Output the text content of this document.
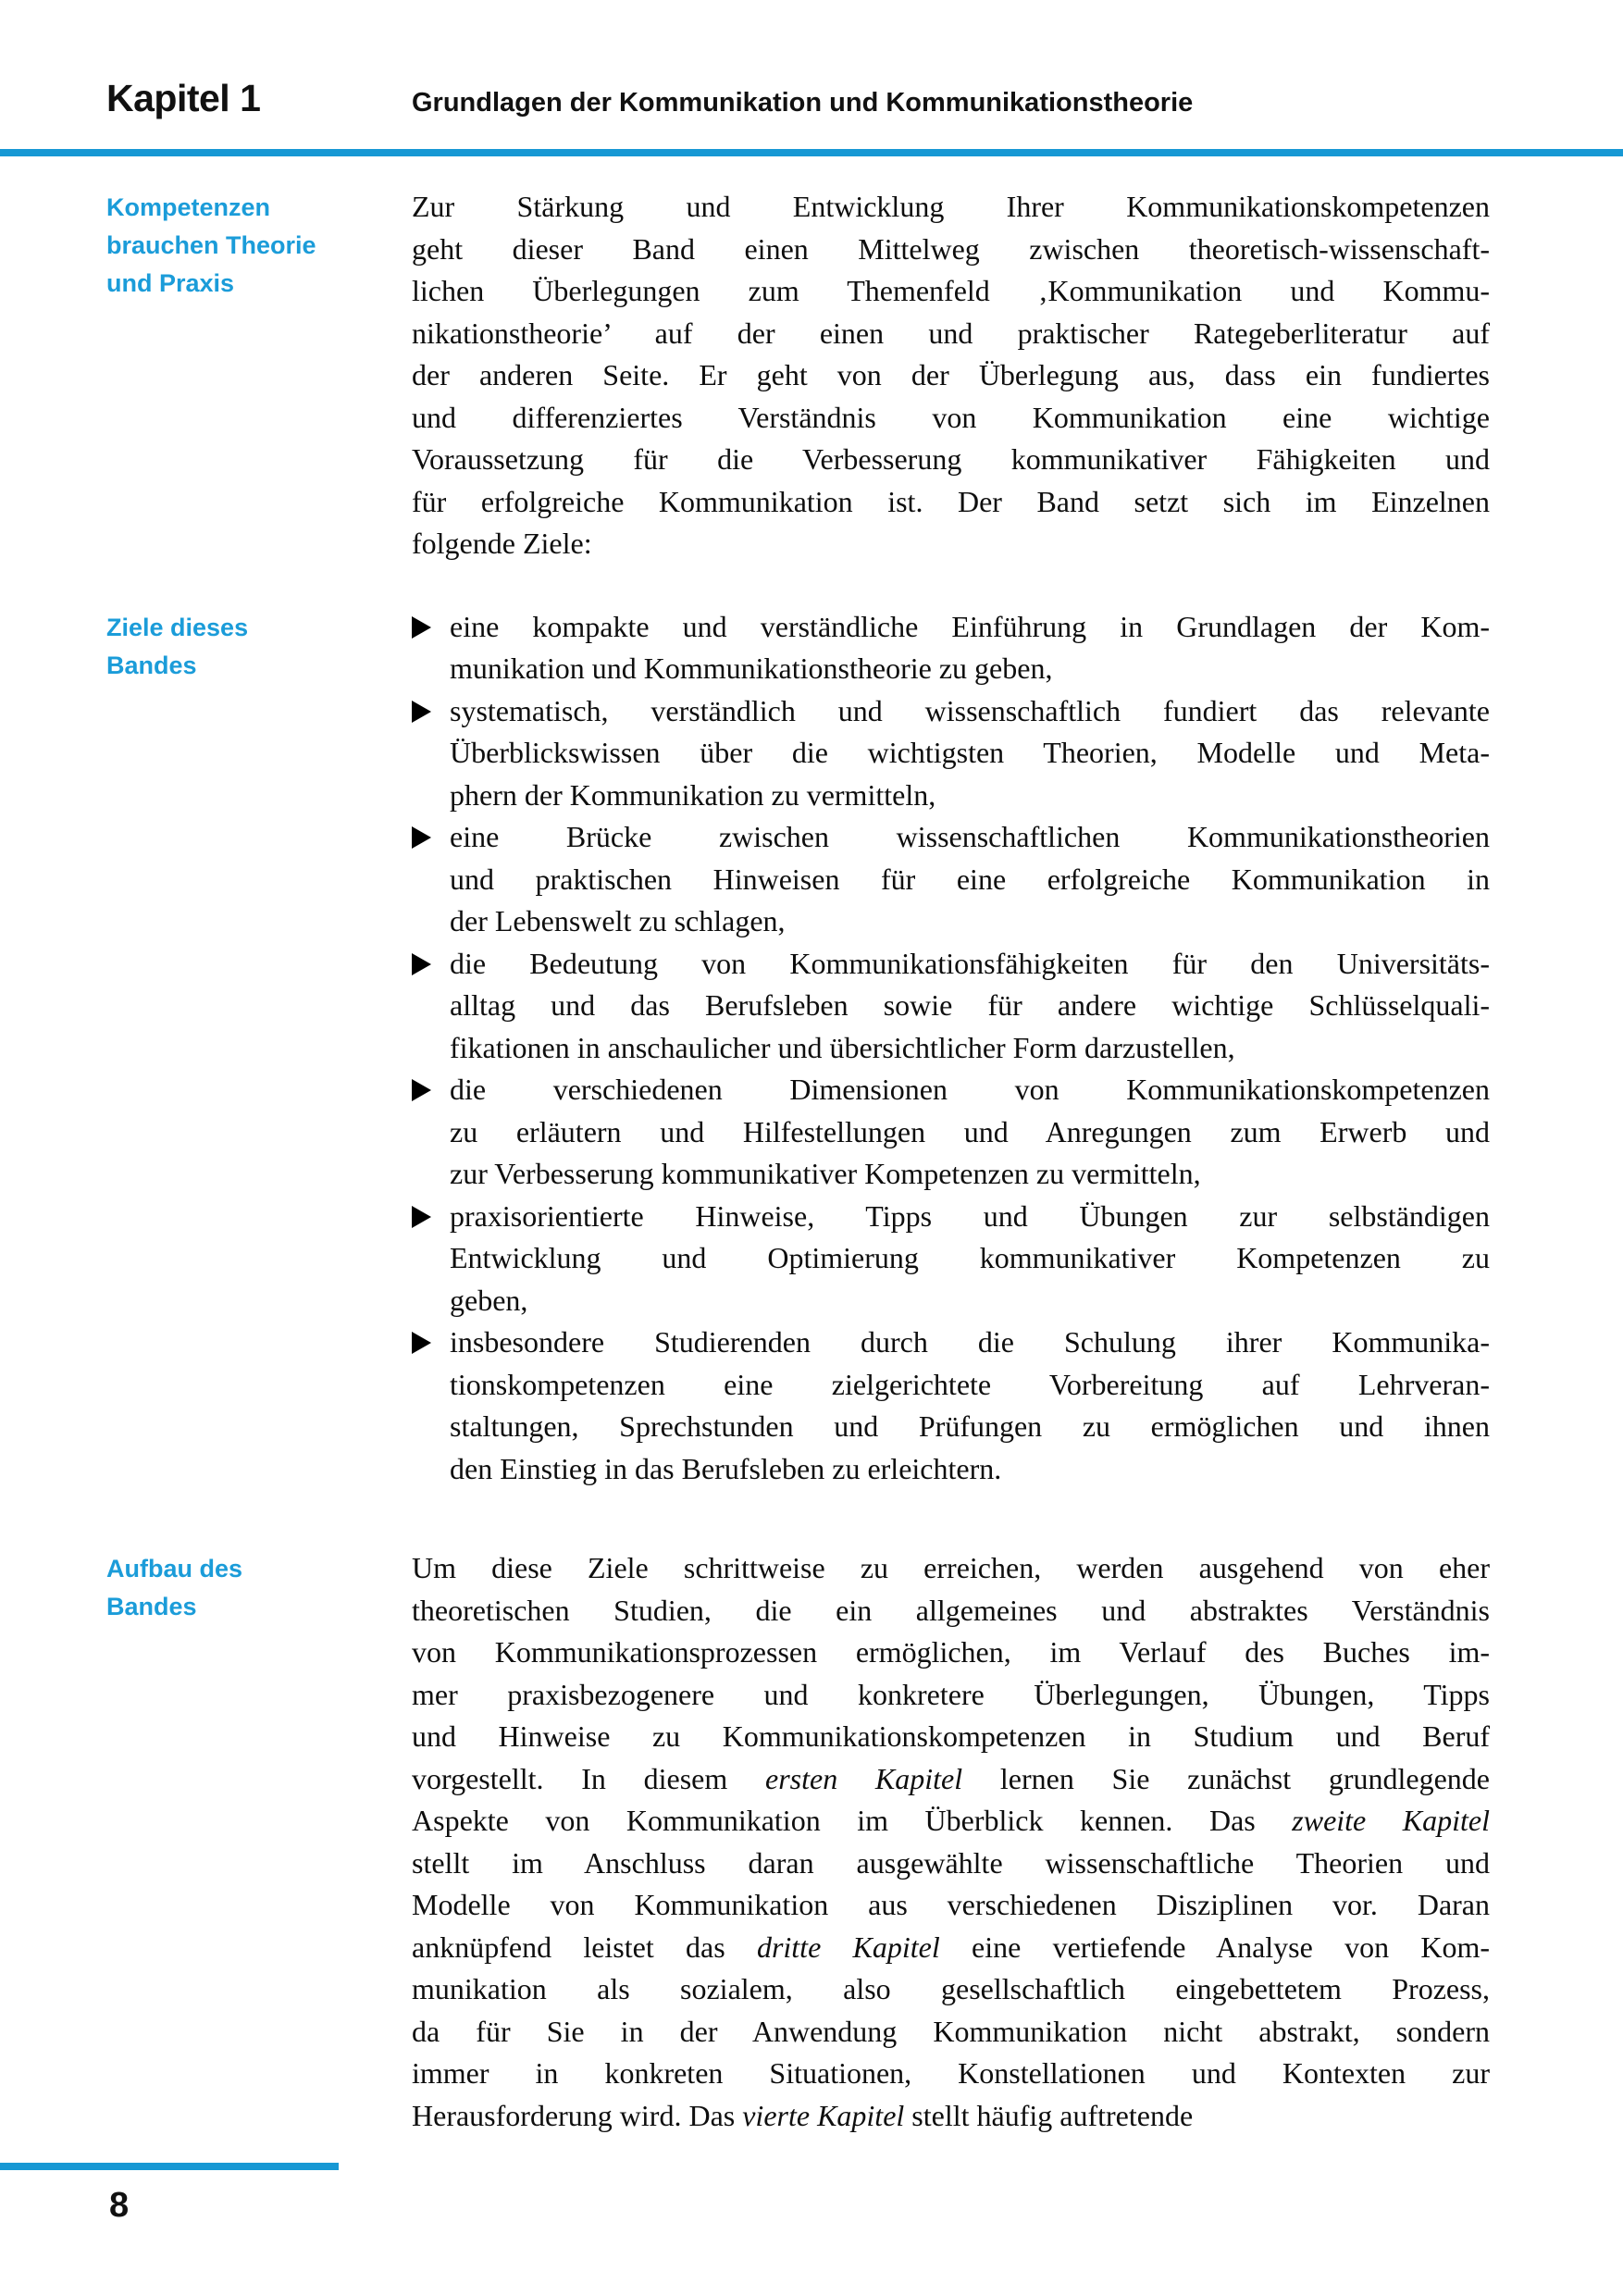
Kapitel 1	Grundlagen der Kommunikation und Kommunikationstheorie
Kompetenzen
brauchen Theorie
und Praxis
Zur Stärkung und Entwicklung Ihrer Kommunikationskompetenzen
geht dieser Band einen Mittelweg zwischen theoretisch-wissenschaft-
lichen Überlegungen zum Themenfeld ‚Kommunikation und Kommu-
nikationstheorie’ auf der einen und praktischer Rategeberliteratur auf
der anderen Seite. Er geht von der Überlegung aus, dass ein fundiertes
und differenziertes Verständnis von Kommunikation eine wichtige
Voraussetzung für die Verbesserung kommunikativer Fähigkeiten und
für erfolgreiche Kommunikation ist. Der Band setzt sich im Einzelnen
folgende Ziele:
Ziele dieses
Bandes
eine kompakte und verständliche Einführung in Grundlagen der Kom-
munikation und Kommunikationstheorie zu geben,
systematisch, verständlich und wissenschaftlich fundiert das relevante
Überblickswissen über die wichtigsten Theorien, Modelle und Meta-
phern der Kommunikation zu vermitteln,
eine Brücke zwischen wissenschaftlichen Kommunikationstheorien
und praktischen Hinweisen für eine erfolgreiche Kommunikation in
der Lebenswelt zu schlagen,
die Bedeutung von Kommunikationsfähigkeiten für den Universitäts-
alltag und das Berufsleben sowie für andere wichtige Schlüsselquali-
fikationen in anschaulicher und übersichtlicher Form darzustellen,
die verschiedenen Dimensionen von Kommunikationskompetenzen
zu erläutern und Hilfestellungen und Anregungen zum Erwerb und
zur Verbesserung kommunikativer Kompetenzen zu vermitteln,
praxisorientierte Hinweise, Tipps und Übungen zur selbständigen
Entwicklung und Optimierung kommunikativer Kompetenzen zu
geben,
insbesondere Studierenden durch die Schulung ihrer Kommunika-
tionskompetenzen eine zielgerichtete Vorbereitung auf Lehrveran-
staltungen, Sprechstunden und Prüfungen zu ermöglichen und ihnen
den Einstieg in das Berufsleben zu erleichtern.
Aufbau des
Bandes
Um diese Ziele schrittweise zu erreichen, werden ausgehend von eher
theoretischen Studien, die ein allgemeines und abstraktes Verständnis
von Kommunikationsprozessen ermöglichen, im Verlauf des Buches im-
mer praxisbezogenere und konkretere Überlegungen, Übungen, Tipps
und Hinweise zu Kommunikationskompetenzen in Studium und Beruf
vorgestellt. In diesem ersten Kapitel lernen Sie zunächst grundlegende
Aspekte von Kommunikation im Überblick kennen. Das zweite Kapitel
stellt im Anschluss daran ausgewählte wissenschaftliche Theorien und
Modelle von Kommunikation aus verschiedenen Disziplinen vor. Daran
anknüpfend leistet das dritte Kapitel eine vertiefende Analyse von Kom-
munikation als sozialem, also gesellschaftlich eingebettetem Prozess,
da für Sie in der Anwendung Kommunikation nicht abstrakt, sondern
immer in konkreten Situationen, Konstellationen und Kontexten zur
Herausforderung wird. Das vierte Kapitel stellt häufig auftretende
8
